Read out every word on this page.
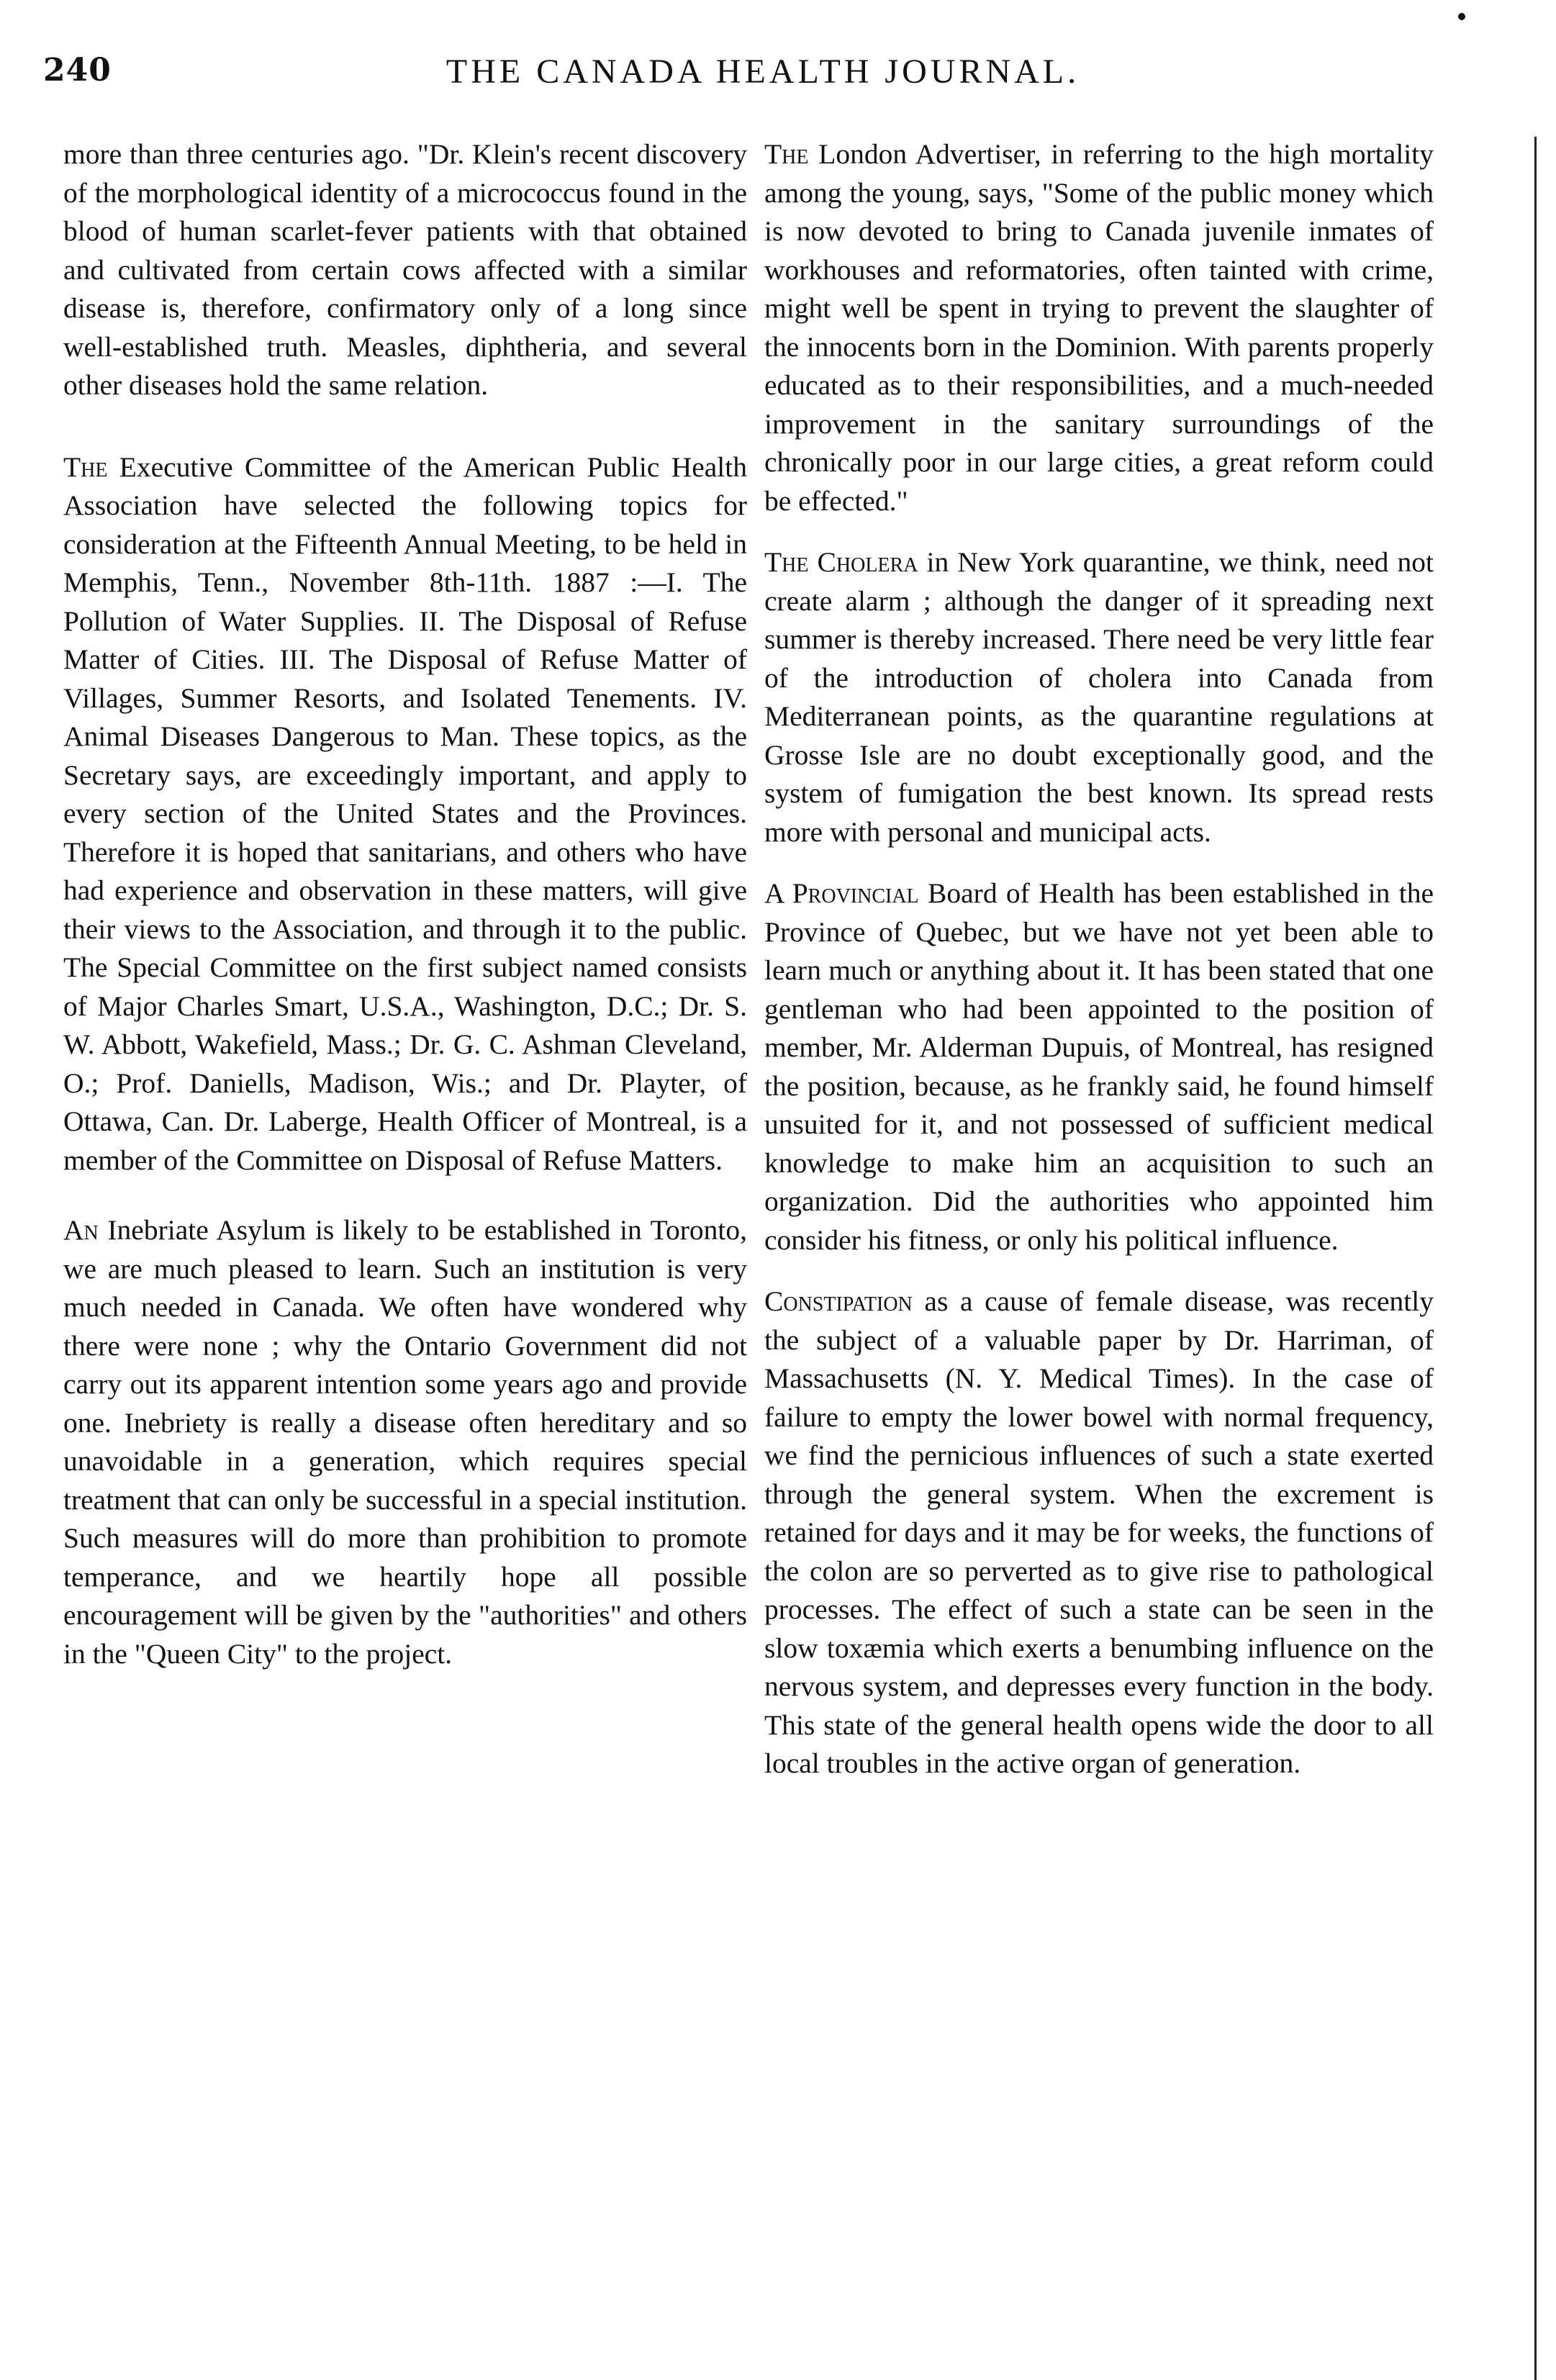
240	THE CANADA HEALTH JOURNAL.

more than three centuries ago. "Dr. Klein's recent discovery of the morphological identity of a micrococcus found in the blood of human scarlet-fever patients with that obtained and cultivated from certain cows affected with a similar disease is, therefore, confirmatory only of a long since well-established truth. Measles, diphtheria, and several other diseases hold the same relation.

The Executive Committee of the American Public Health Association have selected the following topics for consideration at the Fifteenth Annual Meeting, to be held in Memphis, Tenn., November 8th-11th. 1887 :—I. The Pollution of Water Supplies. II. The Disposal of Refuse Matter of Cities. III. The Disposal of Refuse Matter of Villages, Summer Resorts, and Isolated Tenements. IV. Animal Diseases Dangerous to Man. These topics, as the Secretary says, are exceedingly important, and apply to every section of the United States and the Provinces. Therefore it is hoped that sanitarians, and others who have had experience and observation in these matters, will give their views to the Association, and through it to the public. The Special Committee on the first subject named consists of Major Charles Smart, U.S.A., Washington, D.C.; Dr. S. W. Abbott, Wakefield, Mass.; Dr. G. C. Ashman Cleveland, O.; Prof. Daniells, Madison, Wis.; and Dr. Playter, of Ottawa, Can. Dr. Laberge, Health Officer of Montreal, is a member of the Committee on Disposal of Refuse Matters.

An Inebriate Asylum is likely to be established in Toronto, we are much pleased to learn. Such an institution is very much needed in Canada. We often have wondered why there were none ; why the Ontario Government did not carry out its apparent intention some years ago and provide one. Inebriety is really a disease often hereditary and so unavoidable in a generation, which requires special treatment that can only be successful in a special institution. Such measures will do more than prohibition to promote temperance, and we heartily hope all possible encouragement will be given by the "authorities" and others in the "Queen City" to the project.

The London Advertiser, in referring to the high mortality among the young, says, "Some of the public money which is now devoted to bring to Canada juvenile inmates of workhouses and reformatories, often tainted with crime, might well be spent in trying to prevent the slaughter of the innocents born in the Dominion. With parents properly educated as to their responsibilities, and a much-needed improvement in the sanitary surroundings of the chronically poor in our large cities, a great reform could be effected."

The Cholera in New York quarantine, we think, need not create alarm ; although the danger of it spreading next summer is thereby increased. There need be very little fear of the introduction of cholera into Canada from Mediterranean points, as the quarantine regulations at Grosse Isle are no doubt exceptionally good, and the system of fumigation the best known. Its spread rests more with personal and municipal acts.

A Provincial Board of Health has been established in the Province of Quebec, but we have not yet been able to learn much or anything about it. It has been stated that one gentleman who had been appointed to the position of member, Mr. Alderman Dupuis, of Montreal, has resigned the position, because, as he frankly said, he found himself unsuited for it, and not possessed of sufficient medical knowledge to make him an acquisition to such an organization. Did the authorities who appointed him consider his fitness, or only his political influence.

Constipation as a cause of female disease, was recently the subject of a valuable paper by Dr. Harriman, of Massachusetts (N. Y. Medical Times). In the case of failure to empty the lower bowel with normal frequency, we find the pernicious influences of such a state exerted through the general system. When the excrement is retained for days and it may be for weeks, the functions of the colon are so perverted as to give rise to pathological processes. The effect of such a state can be seen in the slow toxæmia which exerts a benumbing influence on the nervous system, and depresses every function in the body. This state of the general health opens wide the door to all local troubles in the active organ of generation.
